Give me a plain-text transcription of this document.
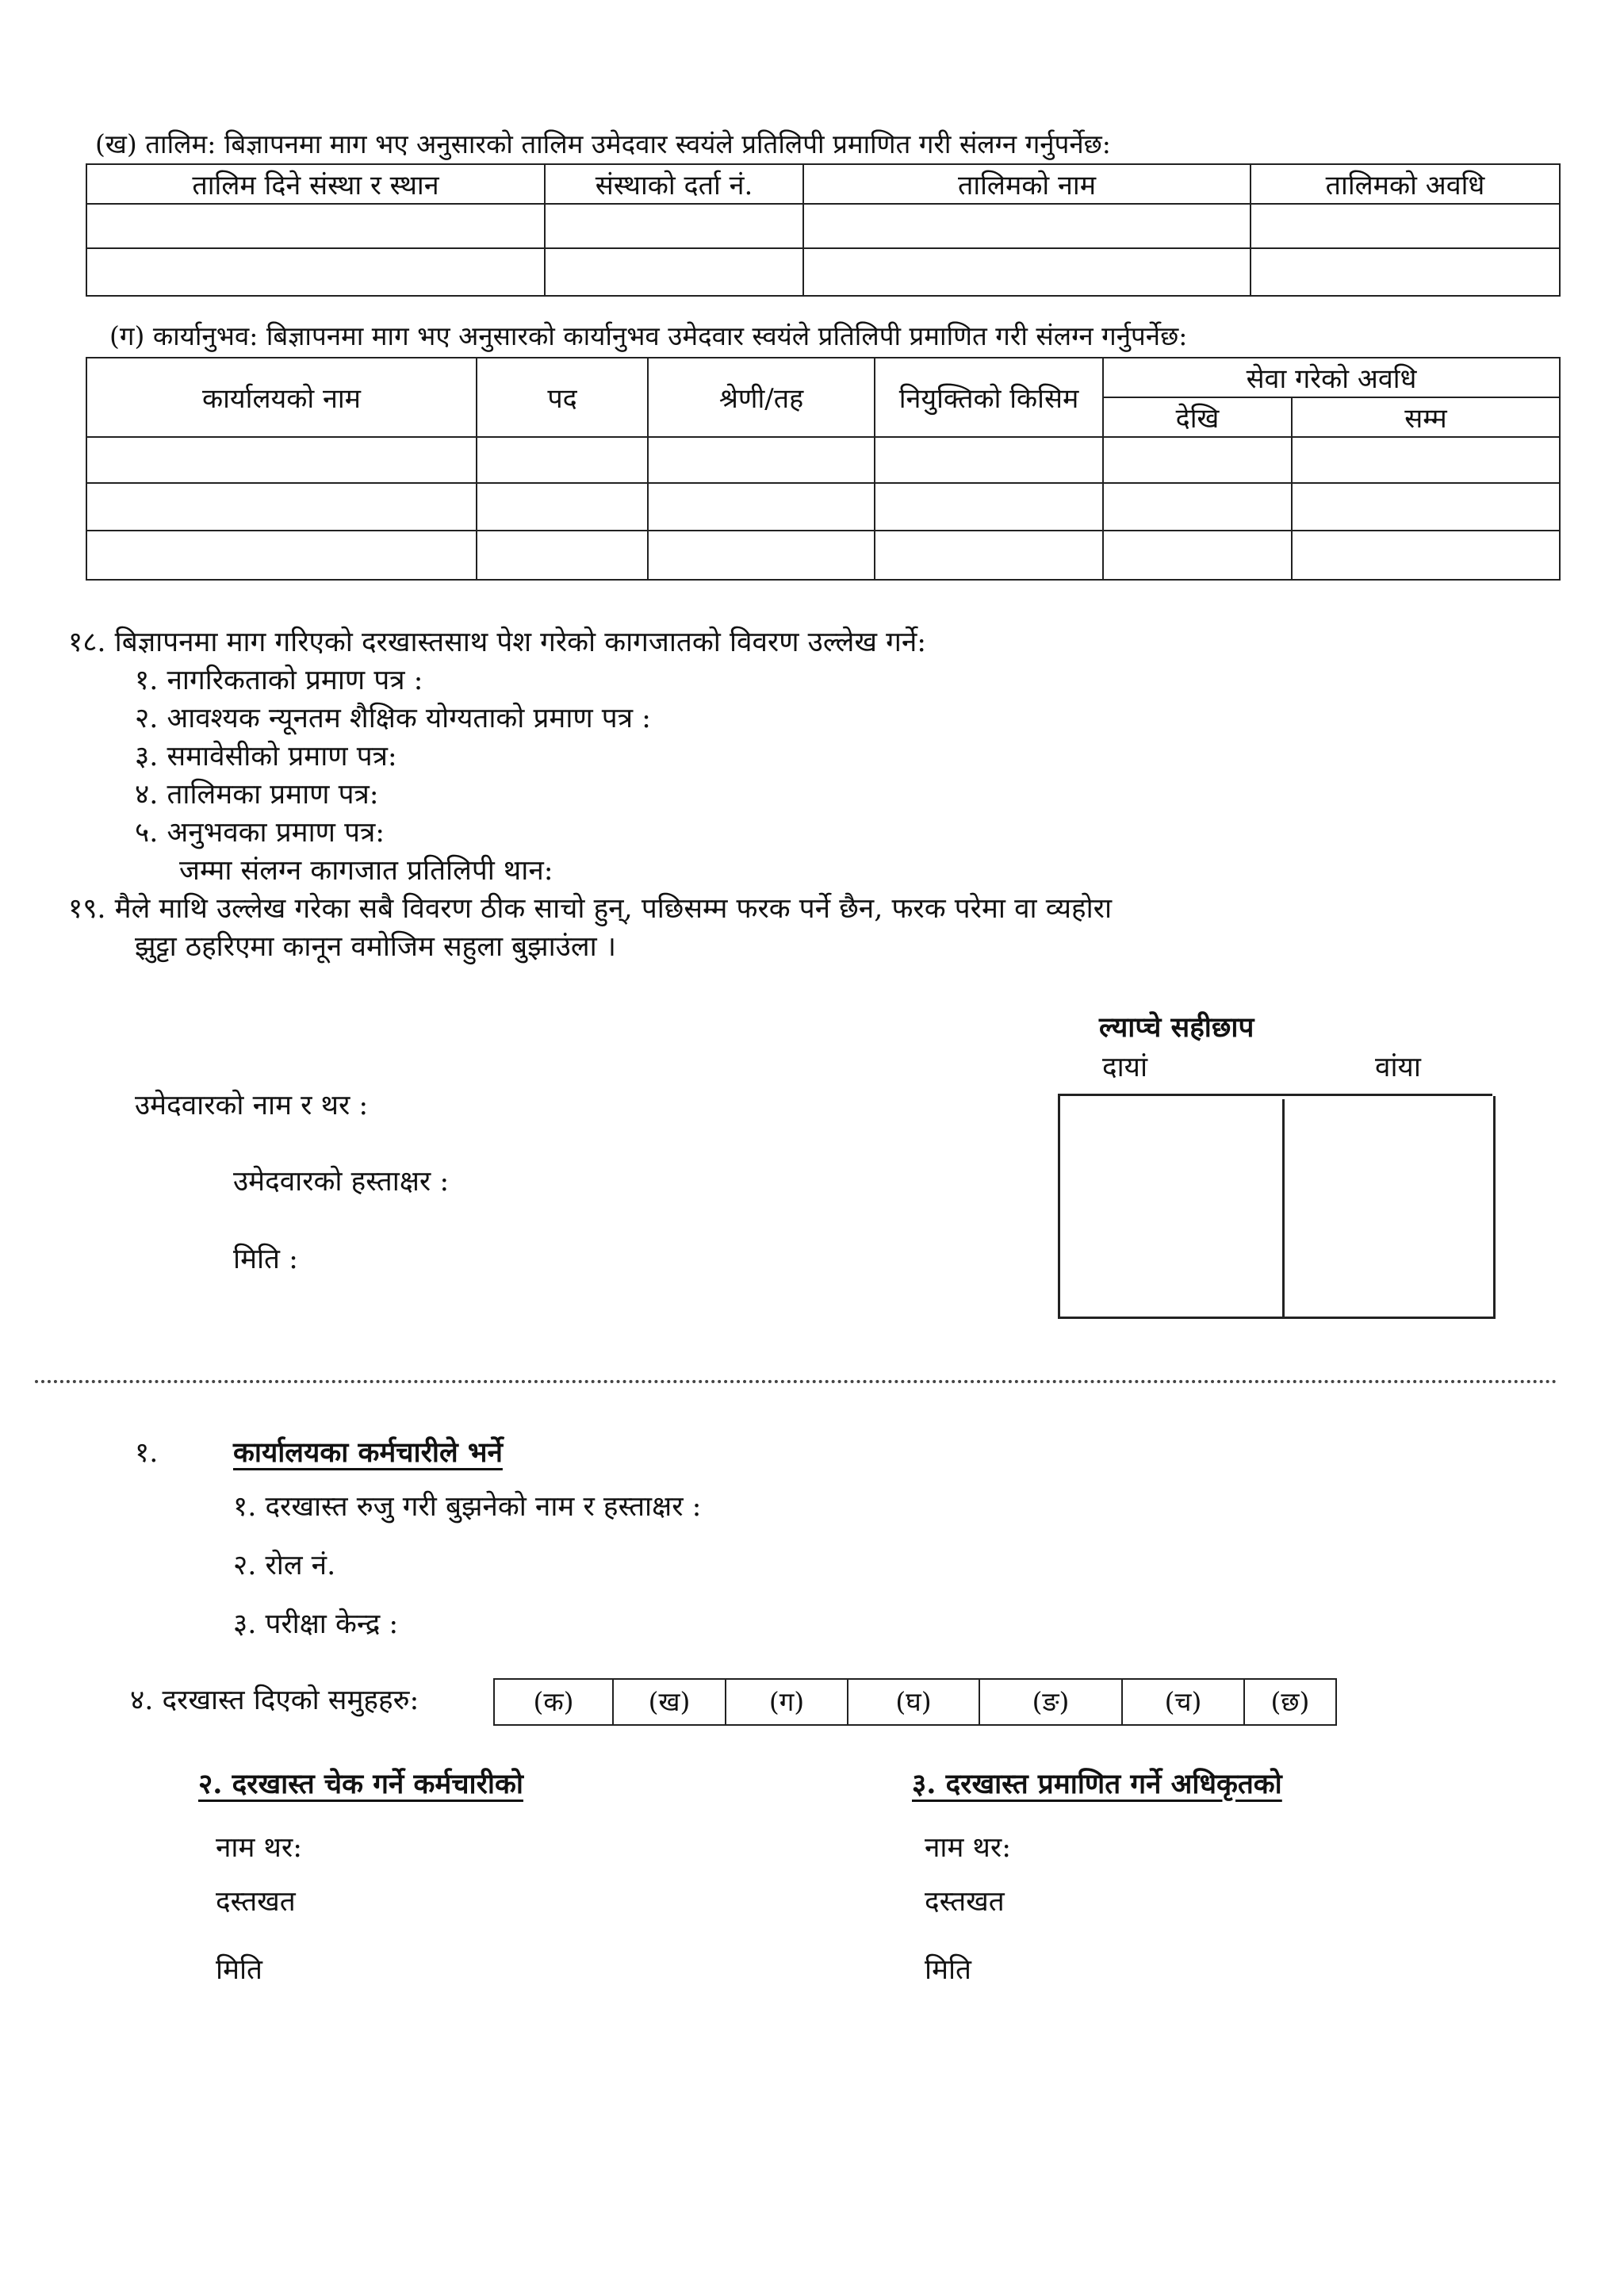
(ख) तालिम: बिज्ञापनमा माग भए अनुसारको तालिम उमेदवार स्वयंले प्रतिलिपी प्रमाणित गरी संलग्न गर्नुपर्नेछ:
तालिम दिने संस्था र स्थान	संस्थाको दर्ता नं.	तालिमको नाम	तालिमको अवधि

(ग) कार्यानुभव: बिज्ञापनमा माग भए अनुसारको कार्यानुभव उमेदवार स्वयंले प्रतिलिपी प्रमाणित गरी संलग्न गर्नुपर्नेछ:
कार्यालयको नाम	पद	श्रेणी/तह	नियुक्तिको किसिम	सेवा गरेको अवधि	
				देखि	सम्म

१८. बिज्ञापनमा माग गरिएको दरखास्तसाथ पेश गरेको कागजातको विवरण उल्लेख गर्ने:
१. नागरिकताको प्रमाण पत्र :
२. आवश्यक न्यूनतम शैक्षिक योग्यताको प्रमाण पत्र :
३. समावेसीको प्रमाण पत्र:
४. तालिमका प्रमाण पत्र:
५. अनुभवका प्रमाण पत्र:
जम्मा संलग्न कागजात प्रतिलिपी थान:
१९. मैले माथि उल्लेख गरेका सबै विवरण ठीक साचो हुन्, पछिसम्म फरक पर्ने छैन, फरक परेमा वा व्यहोरा
झुट्टा ठहरिएमा कानून वमोजिम सहुला बुझाउंला ।
ल्याप्चे सहीछाप
दायां	वांया
उमेदवारको नाम र थर :
उमेदवारको हस्ताक्षर :
मिति :
१.	कार्यालयका कर्मचारीले भर्ने
१. दरखास्त रुजु गरी बुझनेको नाम र हस्ताक्षर :
२. रोल नं.
३. परीक्षा केन्द्र :
४. दरखास्त दिएको समुहहरु:	(क)	(ख)	(ग)	(घ)	(ङ)	(च)	(छ)
२. दरखास्त चेक गर्ने कर्मचारीको
नाम थर:
दस्तखत
मिति
३. दरखास्त प्रमाणित गर्ने अधिकृतको
नाम थर:
दस्तखत
मिति
